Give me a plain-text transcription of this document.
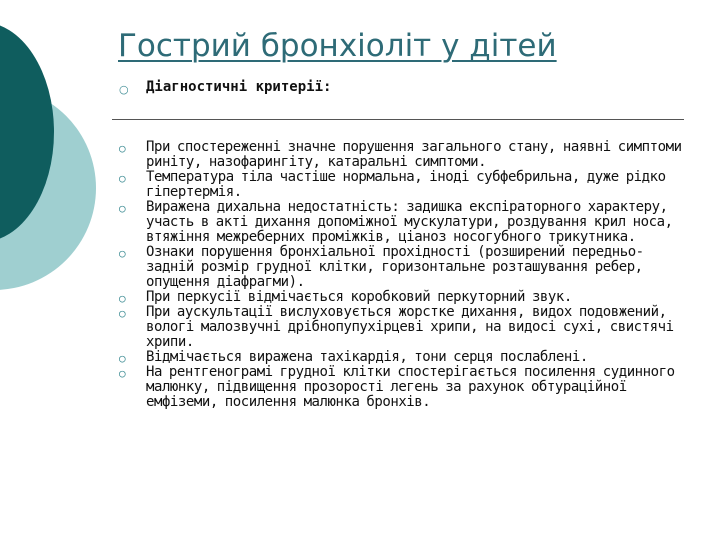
Гострий бронхіоліт у дітей
○ Діагностичні критерії:
○ При спостереженні значне порушення загального стану, наявні симптоми риніту, назофарингіту, катаральні симптоми.
○ Температура тіла частіше нормальна, іноді субфебрильна, дуже рідко гіпертермія.
○ Виражена дихальна недостатність: задишка експіраторного характеру, участь в акті дихання допоміжної мускулатури, роздування крил носа, втяжіння межреберних проміжків, ціаноз носогубного трикутника.
○ Ознаки порушення бронхіальної прохідності (розширений передньо-задній розмір грудної клітки, горизонтальне розташування ребер, опущення діафрагми).
○ При перкусії відмічається коробковий перкуторний звук.
○ При аускультації вислуховується жорстке дихання, видох подовжений, вологі малозвучні дрібнопупухірцеві хрипи, на видосі сухі, свистячі хрипи.
○ Відмічається виражена тахікардія, тони серця послаблені.
○ На рентгенограмі грудної клітки спостерігається посилення судинного малюнку, підвищення прозорості легень за рахунок обтураційної емфіземи, посилення малюнка бронхів.
